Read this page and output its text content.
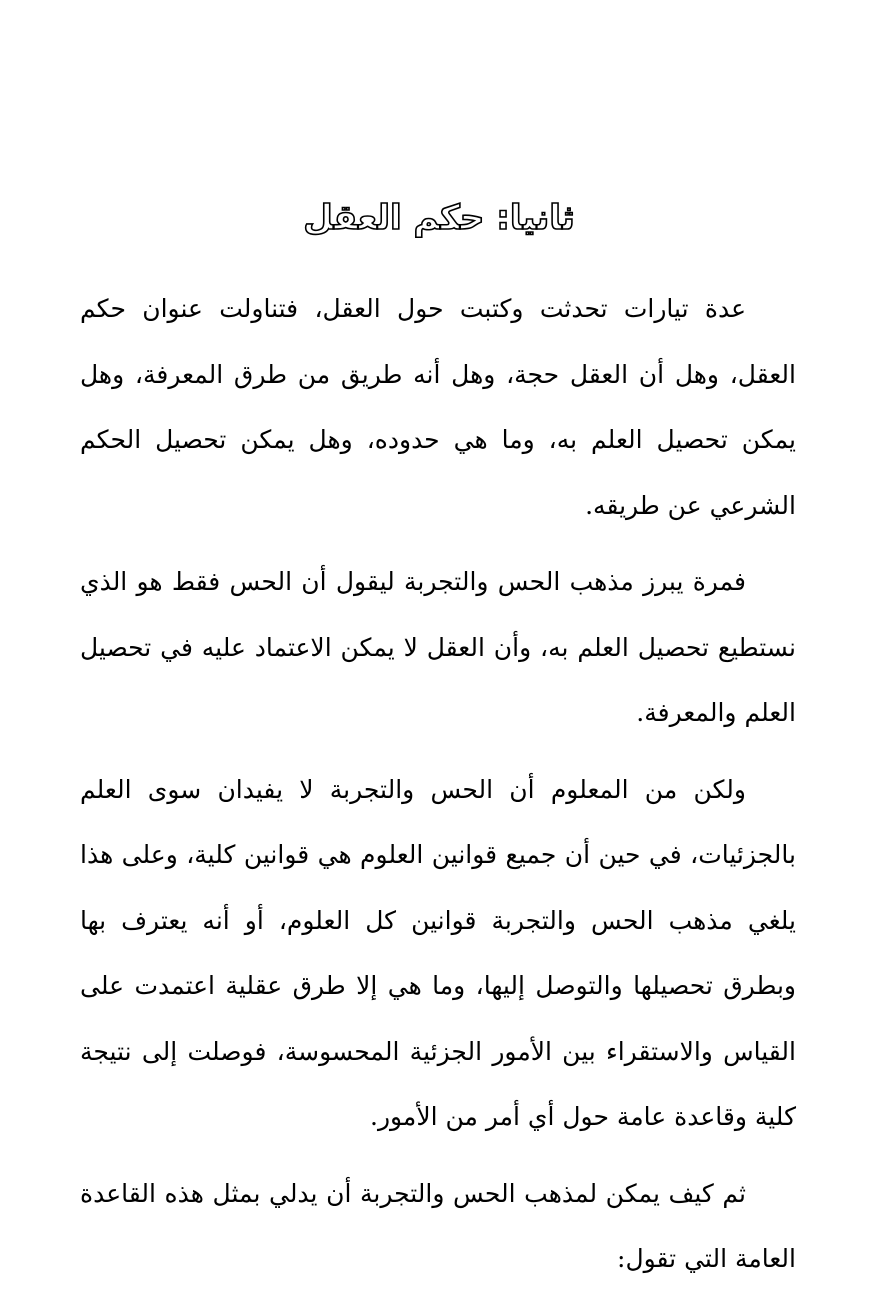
ثانيا: حكم العقل

عدة تيارات تحدثت وكتبت حول العقل، فتناولت عنوان حكم العقل، وهل أن العقل حجة، وهل أنه طريق من طرق المعرفة، وهل يمكن تحصيل العلم به، وما هي حدوده، وهل يمكن تحصيل الحكم الشرعي عن طريقه.

فمرة يبرز مذهب الحس والتجربة ليقول أن الحس فقط هو الذي نستطيع تحصيل العلم به، وأن العقل لا يمكن الاعتماد عليه في تحصيل العلم والمعرفة.

ولكن من المعلوم أن الحس والتجربة لا يفيدان سوى العلم بالجزئيات، في حين أن جميع قوانين العلوم هي قوانين كلية، وعلى هذا يلغي مذهب الحس والتجربة قوانين كل العلوم، أو أنه يعترف بها وبطرق تحصيلها والتوصل إليها، وما هي إلا طرق عقلية اعتمدت على القياس والاستقراء بين الأمور الجزئية المحسوسة، فوصلت إلى نتيجة كلية وقاعدة عامة حول أي أمر من الأمور.

ثم كيف يمكن لمذهب الحس والتجربة أن يدلي بمثل هذه القاعدة العامة التي تقول:
